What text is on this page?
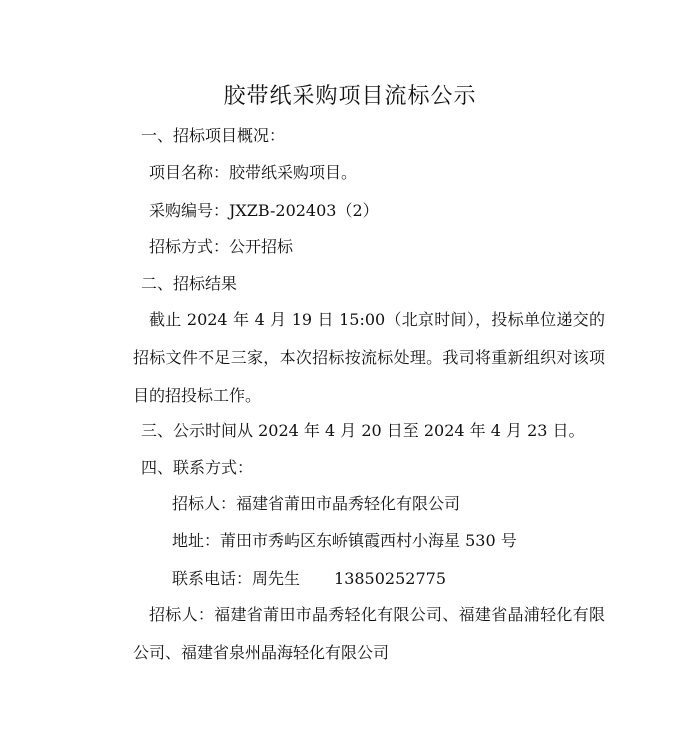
胶带纸采购项目流标公示
一、招标项目概况：
项目名称：胶带纸采购项目。
采购编号：JXZB-202403（2）
招标方式：公开招标
二、招标结果
截止 2024 年 4 月 19 日 15:00（北京时间），投标单位递交的招标文件不足三家，本次招标按流标处理。我司将重新组织对该项目的招投标工作。
三、公示时间从 2024 年 4 月 20 日至 2024 年 4 月 23 日。
四、联系方式：
招标人：福建省莆田市晶秀轻化有限公司
地址：莆田市秀屿区东峤镇霞西村小海星 530 号
联系电话：周先生 13850252775
招标人：福建省莆田市晶秀轻化有限公司、福建省晶浦轻化有限公司、福建省泉州晶海轻化有限公司
